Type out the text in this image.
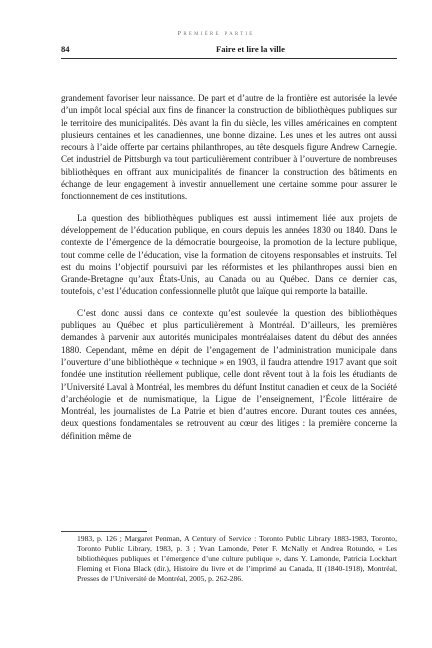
Première partie
84	Faire et lire la ville

grandement favoriser leur naissance. De part et d’autre de la frontière est autorisée la levée d’un impôt local spécial aux fins de financer la construction de bibliothèques publiques sur le territoire des municipalités. Dès avant la fin du siècle, les villes américaines en comptent plusieurs centaines et les canadiennes, une bonne dizaine. Les unes et les autres ont aussi recours à l’aide offerte par certains philanthropes, au tête desquels figure Andrew Carnegie. Cet industriel de Pittsburgh va tout particulièrement contribuer à l’ouverture de nombreuses bibliothèques en offrant aux municipalités de financer la construction des bâtiments en échange de leur engagement à investir annuellement une certaine somme pour assurer le fonctionnement de ces institutions.

La question des bibliothèques publiques est aussi intimement liée aux projets de développement de l’éducation publique, en cours depuis les années 1830 ou 1840. Dans le contexte de l’émergence de la démocratie bourgeoise, la promotion de la lecture publique, tout comme celle de l’éducation, vise la formation de citoyens responsables et instruits. Tel est du moins l’objectif poursuivi par les réformistes et les philanthropes aussi bien en Grande-Bretagne qu’aux États-Unis, au Canada ou au Québec. Dans ce dernier cas, toutefois, c’est l’éducation confessionnelle plutôt que laïque qui remporte la bataille.

C’est donc aussi dans ce contexte qu’est soulevée la question des bibliothèques publiques au Québec et plus particulièrement à Montréal. D’ailleurs, les premières demandes à parvenir aux autorités municipales montréalaises datent du début des années 1880. Cependant, même en dépit de l’engagement de l’administration municipale dans l’ouverture d’une bibliothèque « technique » en 1903, il faudra attendre 1917 avant que soit fondée une institution réellement publique, celle dont rêvent tout à la fois les étudiants de l’Université Laval à Montréal, les membres du défunt Institut canadien et ceux de la Société d’archéologie et de numismatique, la Ligue de l’enseignement, l’École littéraire de Montréal, les journalistes de La Patrie et bien d’autres encore. Durant toutes ces années, deux questions fondamentales se retrouvent au cœur des litiges : la première concerne la définition même de

1983, p. 126 ; Margaret Penman, A Century of Service : Toronto Public Library 1883-1983, Toronto, Toronto Public Library, 1983, p. 3 ; Yvan Lamonde, Peter F. McNally et Andrea Rotundo, « Les bibliothèques publiques et l’émergence d’une culture publique », dans Y. Lamonde, Patricia Lockhart Fleming et Fiona Black (dir.), Histoire du livre et de l’imprimé au Canada, II (1840-1918), Montréal, Presses de l’Université de Montréal, 2005, p. 262-286.
